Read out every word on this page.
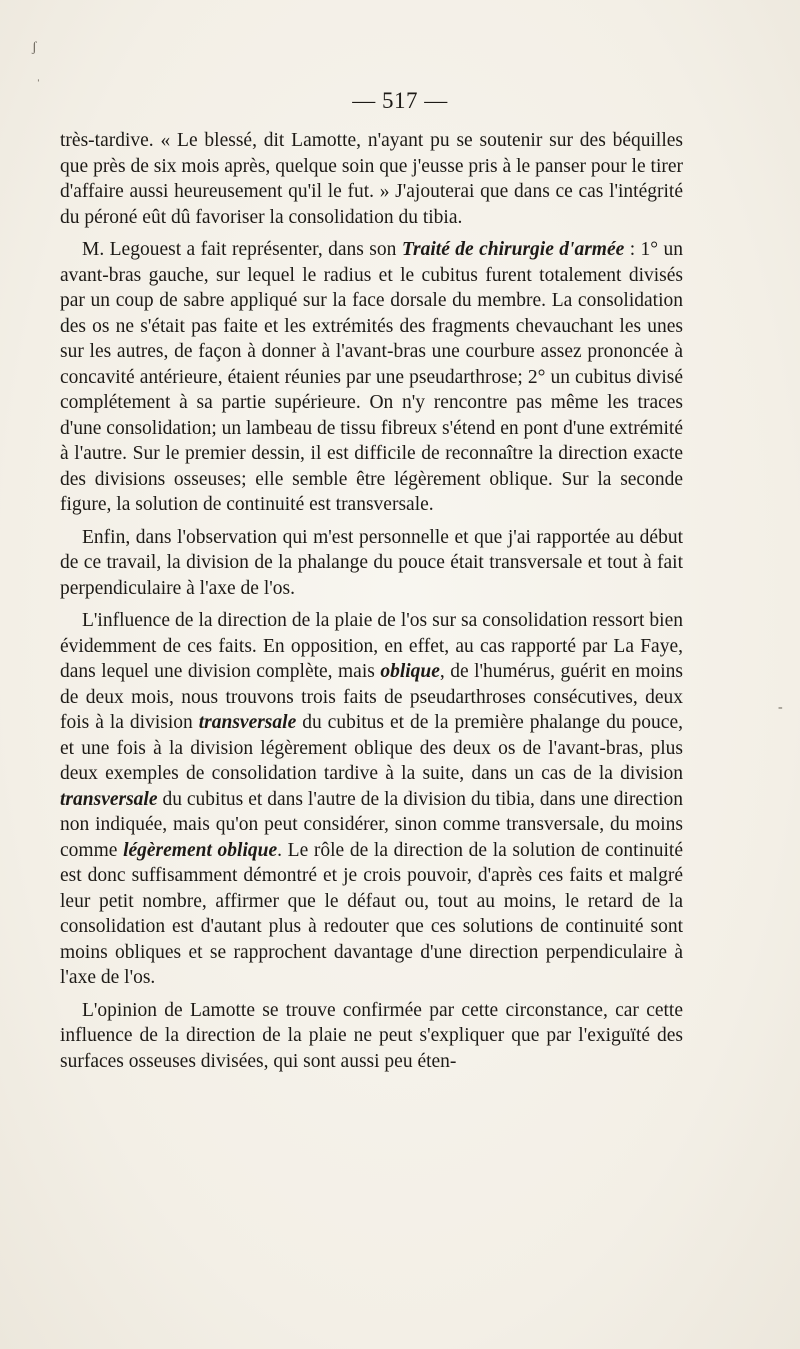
ʃ
ˈ
-
— 517 —

très-tardive. « Le blessé, dit Lamotte, n'ayant pu se soutenir sur des béquilles que près de six mois après, quelque soin que j'eusse pris à le panser pour le tirer d'affaire aussi heureusement qu'il le fut. » J'ajouterai que dans ce cas l'intégrité du péroné eût dû favoriser la consolidation du tibia.

M. Legouest a fait représenter, dans son Traité de chirurgie d'armée : 1° un avant-bras gauche, sur lequel le radius et le cubitus furent totalement divisés par un coup de sabre appliqué sur la face dorsale du membre. La consolidation des os ne s'était pas faite et les extrémités des fragments chevauchant les unes sur les autres, de façon à donner à l'avant-bras une courbure assez prononcée à concavité antérieure, étaient réunies par une pseudarthrose; 2° un cubitus divisé complétement à sa partie supérieure. On n'y rencontre pas même les traces d'une consolidation; un lambeau de tissu fibreux s'étend en pont d'une extrémité à l'autre. Sur le premier dessin, il est difficile de reconnaître la direction exacte des divisions osseuses; elle semble être légèrement oblique. Sur la seconde figure, la solution de continuité est transversale.

Enfin, dans l'observation qui m'est personnelle et que j'ai rapportée au début de ce travail, la division de la phalange du pouce était transversale et tout à fait perpendiculaire à l'axe de l'os.

L'influence de la direction de la plaie de l'os sur sa consolidation ressort bien évidemment de ces faits. En opposition, en effet, au cas rapporté par La Faye, dans lequel une division complète, mais oblique, de l'humérus, guérit en moins de deux mois, nous trouvons trois faits de pseudarthroses consécutives, deux fois à la division transversale du cubitus et de la première phalange du pouce, et une fois à la division légèrement oblique des deux os de l'avant-bras, plus deux exemples de consolidation tardive à la suite, dans un cas de la division transversale du cubitus et dans l'autre de la division du tibia, dans une direction non indiquée, mais qu'on peut considérer, sinon comme transversale, du moins comme légèrement oblique. Le rôle de la direction de la solution de continuité est donc suffisamment démontré et je crois pouvoir, d'après ces faits et malgré leur petit nombre, affirmer que le défaut ou, tout au moins, le retard de la consolidation est d'autant plus à redouter que ces solutions de continuité sont moins obliques et se rapprochent davantage d'une direction perpendiculaire à l'axe de l'os.

L'opinion de Lamotte se trouve confirmée par cette circonstance, car cette influence de la direction de la plaie ne peut s'expliquer que par l'exiguïté des surfaces osseuses divisées, qui sont aussi peu éten-
